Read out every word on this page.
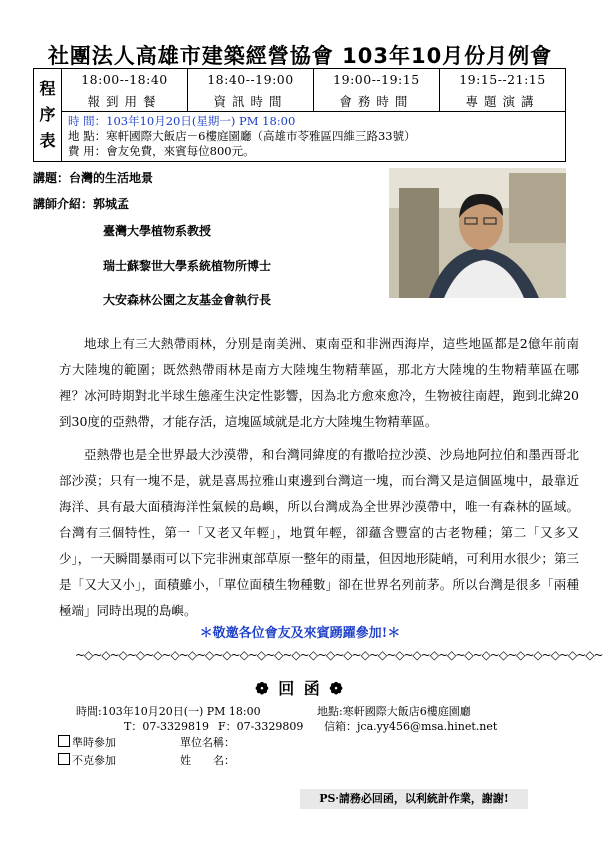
社團法人高雄市建築經營協會 103年10月份月例會
程
序
表	18:00--18:40	18:40--19:00	19:00--19:15	19:15--21:15
	報到用餐	資訊時間	會務時間	專題演講

	時 間：103年10月20日(星期一) PM 18:00
地 點：寒軒國際大飯店－6樓庭園廳（高雄市苓雅區四維三路33號）
費 用：會友免費，來賓每位800元。			
講題：台灣的生活地景
講師介紹：郭城孟
臺灣大學植物系教授
瑞士蘇黎世大學系統植物所博士
大安森林公園之友基金會執行長
地球上有三大熱帶雨林，分別是南美洲、東南亞和非洲西海岸，這些地區都是2億年前南方大陸塊的範圍；既然熱帶雨林是南方大陸塊生物精華區，那北方大陸塊的生物精華區在哪裡？冰河時期對北半球生態產生決定性影響，因為北方愈來愈冷，生物被往南趕，跑到北緯20到30度的亞熱帶，才能存活，這塊區域就是北方大陸塊生物精華區。
亞熱帶也是全世界最大沙漠帶，和台灣同緯度的有撒哈拉沙漠、沙烏地阿拉伯和墨西哥北部沙漠；只有一塊不是，就是喜馬拉雅山東邊到台灣這一塊，而台灣又是這個區塊中，最靠近海洋、具有最大面積海洋性氣候的島嶼，所以台灣成為全世界沙漠帶中，唯一有森林的區域。台灣有三個特性，第一「又老又年輕」，地質年輕，卻蘊含豐富的古老物種；第二「又多又少」，一天瞬間暴雨可以下完非洲東部草原一整年的雨量，但因地形陡峭，可利用水很少；第三是「又大又小」，面積雖小，「單位面積生物種數」卻在世界名列前茅。所以台灣是很多「兩種極端」同時出現的島嶼。
＊敬邀各位會友及來賓踴躍參加!＊
~◇~◇~◇~◇~◇~◇~◇~◇~◇~◇~◇~◇~◇~◇~◇~◇~◇~◇~◇~◇~◇~◇~◇~◇~◇~◇~◇~◇~◇~◇~
❁ 回 函 ❁
時間:103年10月20日(一) PM 18:00	地點:寒軒國際大飯店6樓庭園廳
T：07-3329819 F：07-3329809 信箱：jca.yy456@msa.hinet.net
準時參加	單位名稱：
不克參加	姓　　名：
PS‧請務必回函，以利統計作業，謝謝!
